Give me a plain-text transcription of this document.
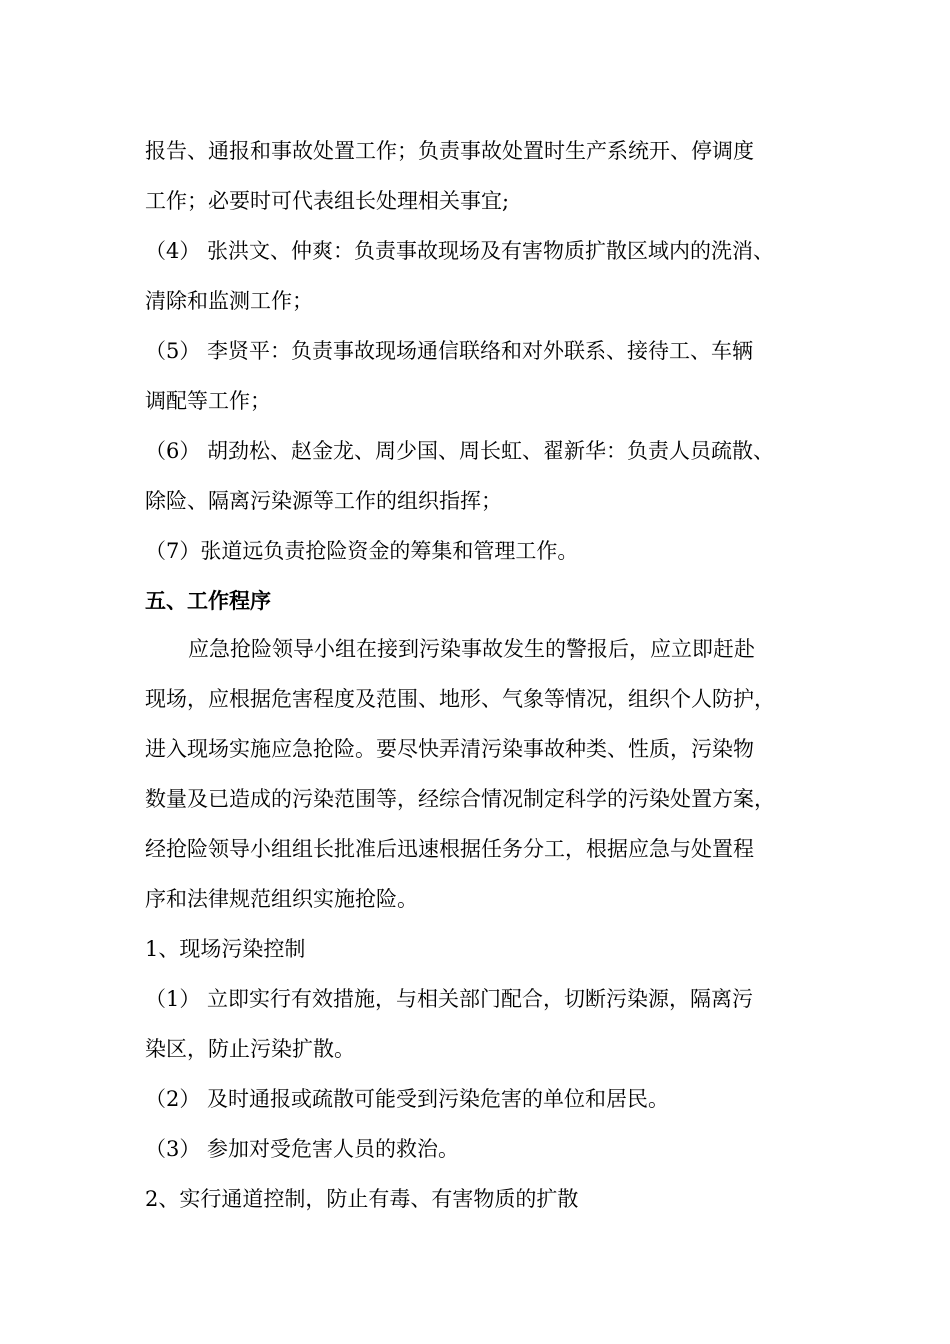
报告、通报和事故处置工作；负责事故处置时生产系统开、停调度
工作；必要时可代表组长处理相关事宜;
（4） 张洪文、仲爽：负责事故现场及有害物质扩散区域内的洗消、
清除和监测工作；
（5） 李贤平：负责事故现场通信联络和对外联系、接待工、车辆
调配等工作；
（6） 胡劲松、赵金龙、周少国、周长虹、翟新华：负责人员疏散、
除险、隔离污染源等工作的组织指挥；
（7）张道远负责抢险资金的筹集和管理工作。
五、工作程序
应急抢险领导小组在接到污染事故发生的警报后，应立即赶赴
现场，应根据危害程度及范围、地形、气象等情况，组织个人防护，
进入现场实施应急抢险。要尽快弄清污染事故种类、性质，污染物
数量及已造成的污染范围等，经综合情况制定科学的污染处置方案，
经抢险领导小组组长批准后迅速根据任务分工，根据应急与处置程
序和法律规范组织实施抢险。
1、现场污染控制
（1） 立即实行有效措施，与相关部门配合，切断污染源，隔离污
染区，防止污染扩散。
（2） 及时通报或疏散可能受到污染危害的单位和居民。
（3） 参加对受危害人员的救治。
2、实行通道控制，防止有毒、有害物质的扩散
